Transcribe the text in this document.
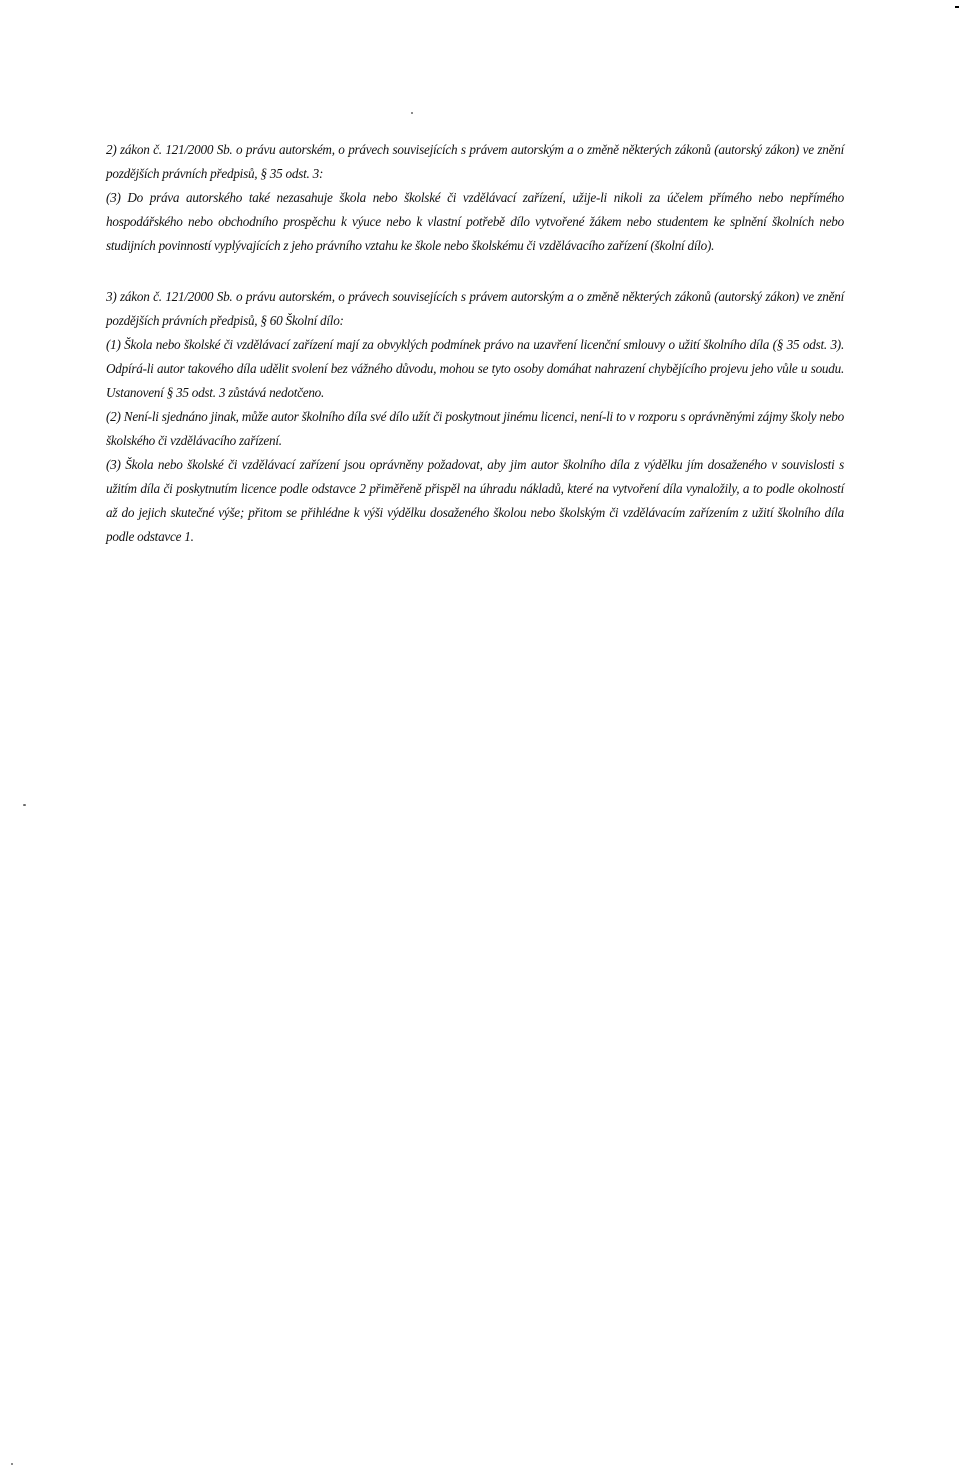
2) zákon č. 121/2000 Sb. o právu autorském, o právech souvisejících s právem autorským a o změně některých zákonů (autorský zákon) ve znění pozdějších právních předpisů, § 35 odst. 3:

(3) Do práva autorského také nezasahuje škola nebo školské či vzdělávací zařízení, užije-li nikoli za účelem přímého nebo nepřímého hospodářského nebo obchodního prospěchu k výuce nebo k vlastní potřebě dílo vytvořené žákem nebo studentem ke splnění školních nebo studijních povinností vyplývajících z jeho právního vztahu ke škole nebo školskému či vzdělávacího zařízení (školní dílo).

3) zákon č. 121/2000 Sb. o právu autorském, o právech souvisejících s právem autorským a o změně některých zákonů (autorský zákon) ve znění pozdějších právních předpisů, § 60 Školní dílo:

(1) Škola nebo školské či vzdělávací zařízení mají za obvyklých podmínek právo na uzavření licenční smlouvy o užití školního díla (§ 35 odst. 3). Odpírá-li autor takového díla udělit svolení bez vážného důvodu, mohou se tyto osoby domáhat nahrazení chybějícího projevu jeho vůle u soudu. Ustanovení § 35 odst. 3 zůstává nedotčeno.

(2) Není-li sjednáno jinak, může autor školního díla své dílo užít či poskytnout jinému licenci, není-li to v rozporu s oprávněnými zájmy školy nebo školského či vzdělávacího zařízení.

(3) Škola nebo školské či vzdělávací zařízení jsou oprávněny požadovat, aby jim autor školního díla z výdělku jím dosaženého v souvislosti s užitím díla či poskytnutím licence podle odstavce 2 přiměřeně přispěl na úhradu nákladů, které na vytvoření díla vynaložily, a to podle okolností až do jejich skutečné výše; přitom se přihlédne k výši výdělku dosaženého školou nebo školským či vzdělávacím zařízením z užití školního díla podle odstavce 1.
